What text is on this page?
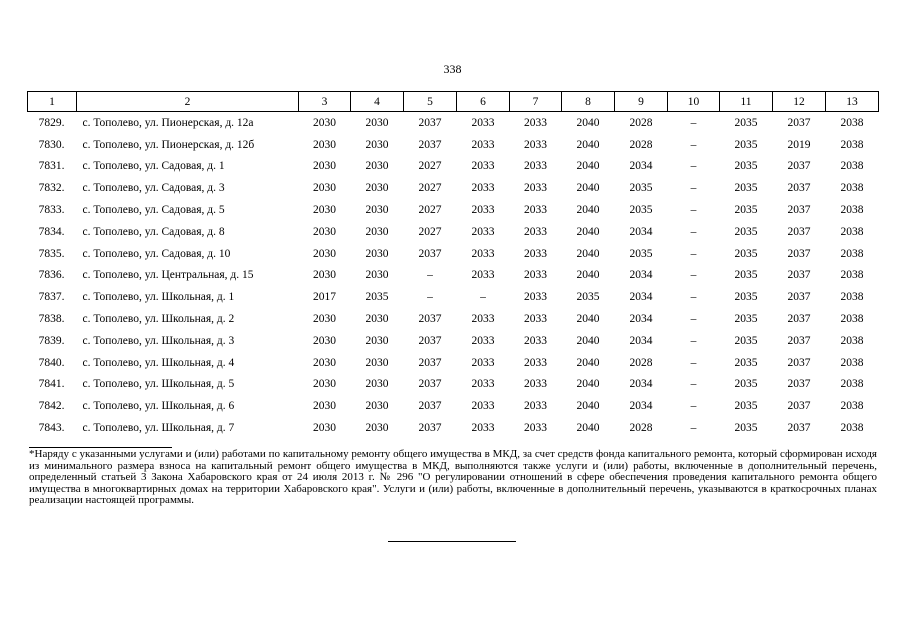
338
1	2	3	4	5	6	7	8	9	10	11	12	13
7829.	с. Тополево, ул. Пионерская, д. 12а	2030	2030	2037	2033	2033	2040	2028	–	2035	2037	2038
7830.	с. Тополево, ул. Пионерская, д. 12б	2030	2030	2037	2033	2033	2040	2028	–	2035	2019	2038
7831.	с. Тополево, ул. Садовая, д. 1	2030	2030	2027	2033	2033	2040	2034	–	2035	2037	2038
7832.	с. Тополево, ул. Садовая, д. 3	2030	2030	2027	2033	2033	2040	2035	–	2035	2037	2038
7833.	с. Тополево, ул. Садовая, д. 5	2030	2030	2027	2033	2033	2040	2035	–	2035	2037	2038
7834.	с. Тополево, ул. Садовая, д. 8	2030	2030	2027	2033	2033	2040	2034	–	2035	2037	2038
7835.	с. Тополево, ул. Садовая, д. 10	2030	2030	2037	2033	2033	2040	2035	–	2035	2037	2038
7836.	с. Тополево, ул. Центральная, д. 15	2030	2030	–	2033	2033	2040	2034	–	2035	2037	2038
7837.	с. Тополево, ул. Школьная, д. 1	2017	2035	–	–	2033	2035	2034	–	2035	2037	2038
7838.	с. Тополево, ул. Школьная, д. 2	2030	2030	2037	2033	2033	2040	2034	–	2035	2037	2038
7839.	с. Тополево, ул. Школьная, д. 3	2030	2030	2037	2033	2033	2040	2034	–	2035	2037	2038
7840.	с. Тополево, ул. Школьная, д. 4	2030	2030	2037	2033	2033	2040	2028	–	2035	2037	2038
7841.	с. Тополево, ул. Школьная, д. 5	2030	2030	2037	2033	2033	2040	2034	–	2035	2037	2038
7842.	с. Тополево, ул. Школьная, д. 6	2030	2030	2037	2033	2033	2040	2034	–	2035	2037	2038
7843.	с. Тополево, ул. Школьная, д. 7	2030	2030	2037	2033	2033	2040	2028	–	2035	2037	2038

*Наряду с указанными услугами и (или) работами по капитальному ремонту общего имущества в МКД, за счет средств фонда капитального ремонта, который сформирован исходя из минимального размера взноса на капитальный ремонт общего имущества в МКД, выполняются также услуги и (или) работы, включенные в дополнительный перечень, определенный статьей 3 Закона Хабаровского края от 24 июля 2013 г. № 296 "О регулировании отношений в сфере обеспечения проведения капитального ремонта общего имущества в многоквартирных домах на территории Хабаровского края". Услуги и (или) работы, включенные в дополнительный перечень, указываются в краткосрочных планах реализации настоящей программы.
